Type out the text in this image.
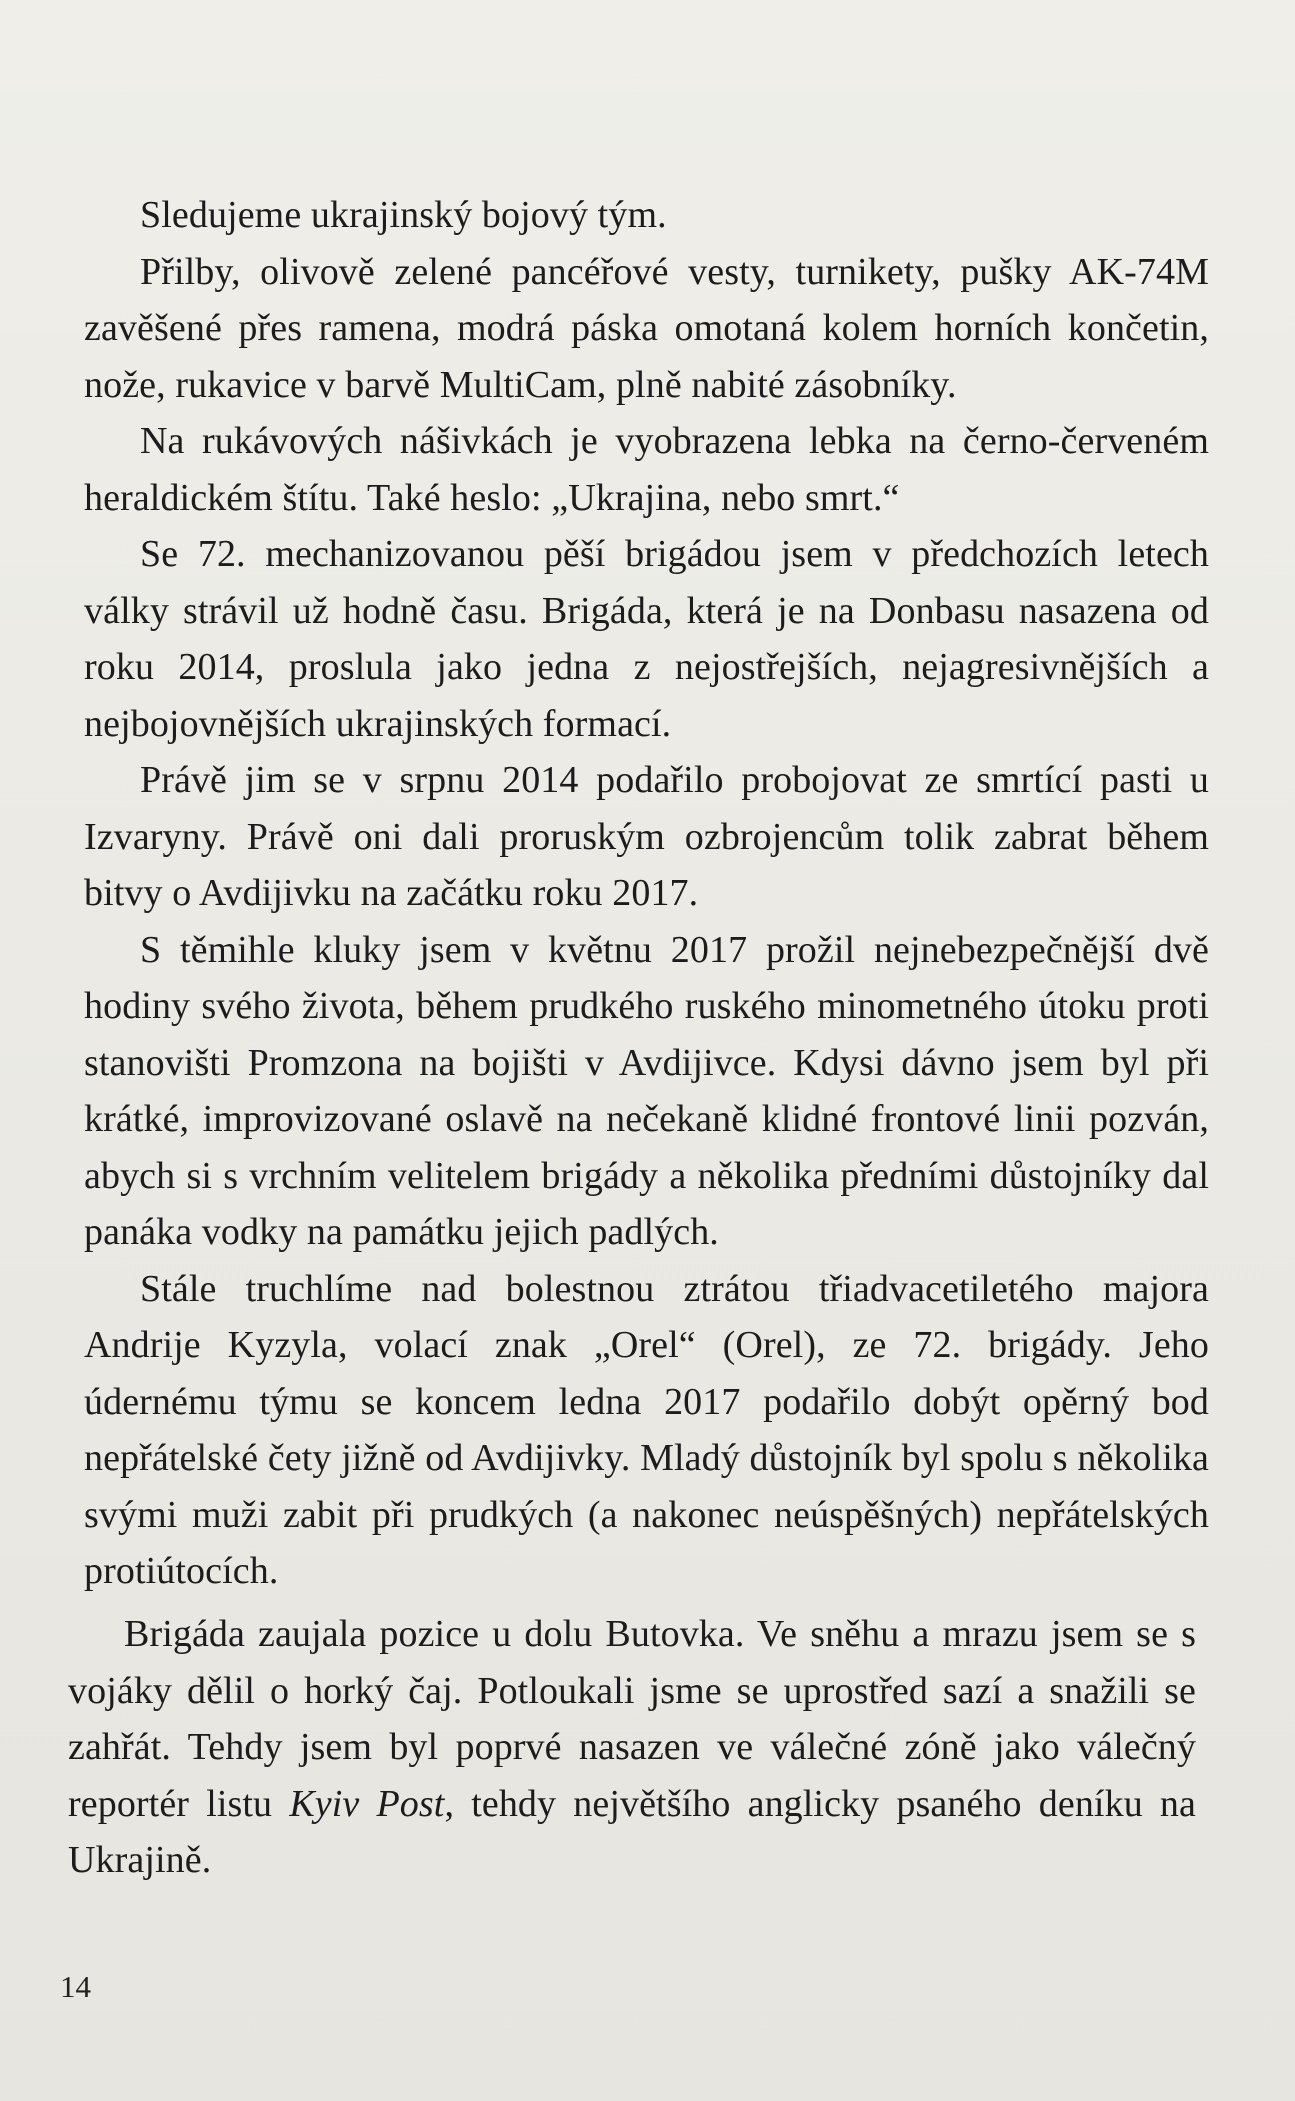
Sledujeme ukrajinský bojový tým.

Přilby, olivově zelené pancéřové vesty, turnikety, pušky AK-74M zavěšené přes ramena, modrá páska omotaná kolem horních končetin, nože, rukavice v barvě MultiCam, plně nabité zásobníky.

Na rukávových nášivkách je vyobrazena lebka na černo-červeném heraldickém štítu. Také heslo: „Ukrajina, nebo smrt.“

Se 72. mechanizovanou pěší brigádou jsem v předchozích letech války strávil už hodně času. Brigáda, která je na Donbasu nasazena od roku 2014, proslula jako jedna z nejostřejších, nejagresivnějších a nejbojovnějších ukrajinských formací.

Právě jim se v srpnu 2014 podařilo probojovat ze smrtící pasti u Izvaryny. Právě oni dali proruským ozbrojencům tolik zabrat během bitvy o Avdijivku na začátku roku 2017.

S těmihle kluky jsem v květnu 2017 prožil nejnebezpečnější dvě hodiny svého života, během prudkého ruského minometného útoku proti stanovišti Promzona na bojišti v Avdijivce. Kdysi dávno jsem byl při krátké, improvizované oslavě na nečekaně klidné frontové linii pozván, abych si s vrchním velitelem brigády a několika předními důstojníky dal panáka vodky na památku jejich padlých.

Stále truchlíme nad bolestnou ztrátou třiadvacetiletého majora Andrije Kyzyla, volací znak „Orel“ (Orel), ze 72. brigády. Jeho údernému týmu se koncem ledna 2017 podařilo dobýt opěrný bod nepřátelské čety jižně od Avdijivky. Mladý důstojník byl spolu s několika svými muži zabit při prudkých (a nakonec neúspěšných) nepřátelských protiútocích.

Brigáda zaujala pozice u dolu Butovka. Ve sněhu a mrazu jsem se s vojáky dělil o horký čaj. Potloukali jsme se uprostřed sazí a snažili se zahřát. Tehdy jsem byl poprvé nasazen ve válečné zóně jako válečný reportér listu Kyiv Post, tehdy největšího anglicky psaného deníku na Ukrajině.

14
